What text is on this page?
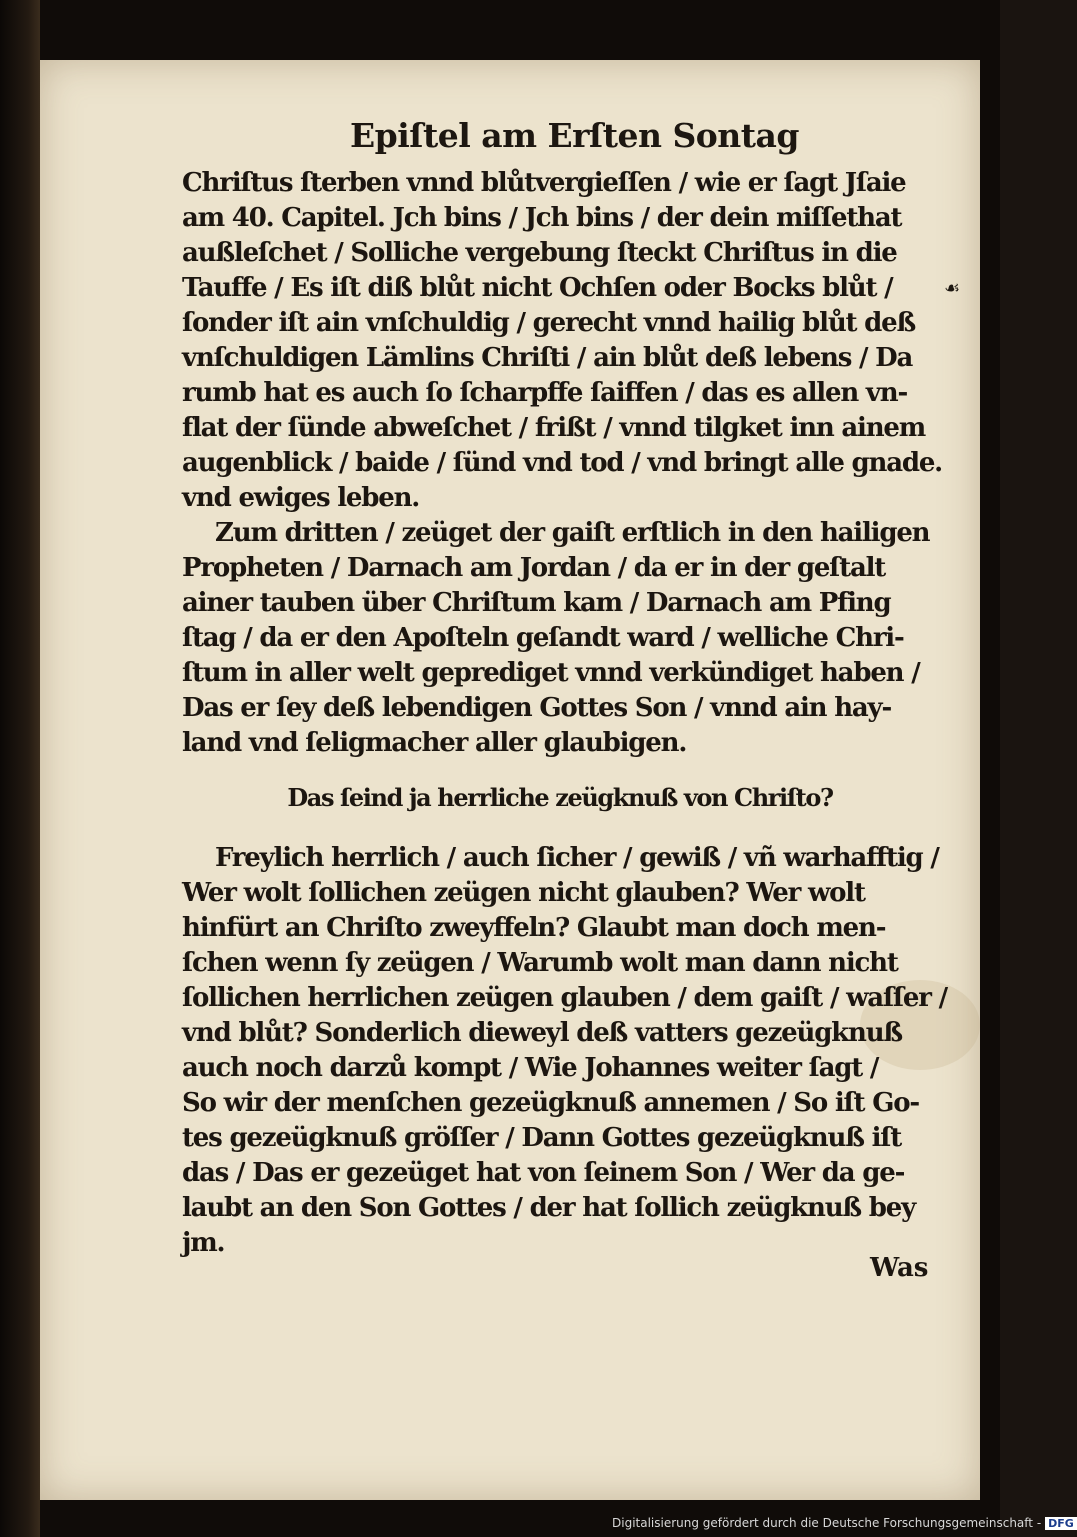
Epiſtel am Erſten Sontag
Chriſtus ſterben vnnd blůtvergieſſen / wie er ſagt Jſaie
am 40. Capitel. Jch bins / Jch bins / der dein miſſethat
außleſchet / Solliche vergebung ſteckt Chriſtus in die
Tauffe / Es iſt diß blůt nicht Ochſen oder Bocks blůt /
ſonder iſt ain vnſchuldig / gerecht vnnd hailig blůt deß
vnſchuldigen Lämlins Chriſti / ain blůt deß lebens / Da
rumb hat es auch ſo ſcharpffe ſaiffen / das es allen vn-
flat der ſünde abweſchet / frißt / vnnd tilgket inn ainem
augenblick / baide / ſünd vnd tod / vnd bringt alle gnade.
vnd ewiges leben.
Zum dritten / zeüget der gaiſt erſtlich in den hailigen
Propheten / Darnach am Jordan / da er in der geſtalt
ainer tauben über Chriſtum kam / Darnach am Pfing
ſtag / da er den Apoſteln geſandt ward / welliche Chri-
ſtum in aller welt geprediget vnnd verkündiget haben /
Das er ſey deß lebendigen Gottes Son / vnnd ain hay-
land vnd ſeligmacher aller glaubigen.
Das ſeind ja herrliche zeügknuß von Chriſto?
Freylich herrlich / auch ſicher / gewiß / vñ warhafftig /
Wer wolt ſollichen zeügen nicht glauben? Wer wolt
hinfürt an Chriſto zweyffeln? Glaubt man doch men-
ſchen wenn ſy zeügen / Warumb wolt man dann nicht
ſollichen herrlichen zeügen glauben / dem gaiſt / waſſer /
vnd blůt? Sonderlich dieweyl deß vatters gezeügknuß
auch noch darzů kompt / Wie Johannes weiter ſagt /
So wir der menſchen gezeügknuß annemen / So iſt Go-
tes gezeügknuß gröſſer / Dann Gottes gezeügknuß iſt
das / Das er gezeüget hat von ſeinem Son / Wer da ge-
laubt an den Son Gottes / der hat ſollich zeügknuß bey
jm.
Was
☙
Digitalisierung gefördert durch die Deutsche Forschungsgemeinschaft - DFG
